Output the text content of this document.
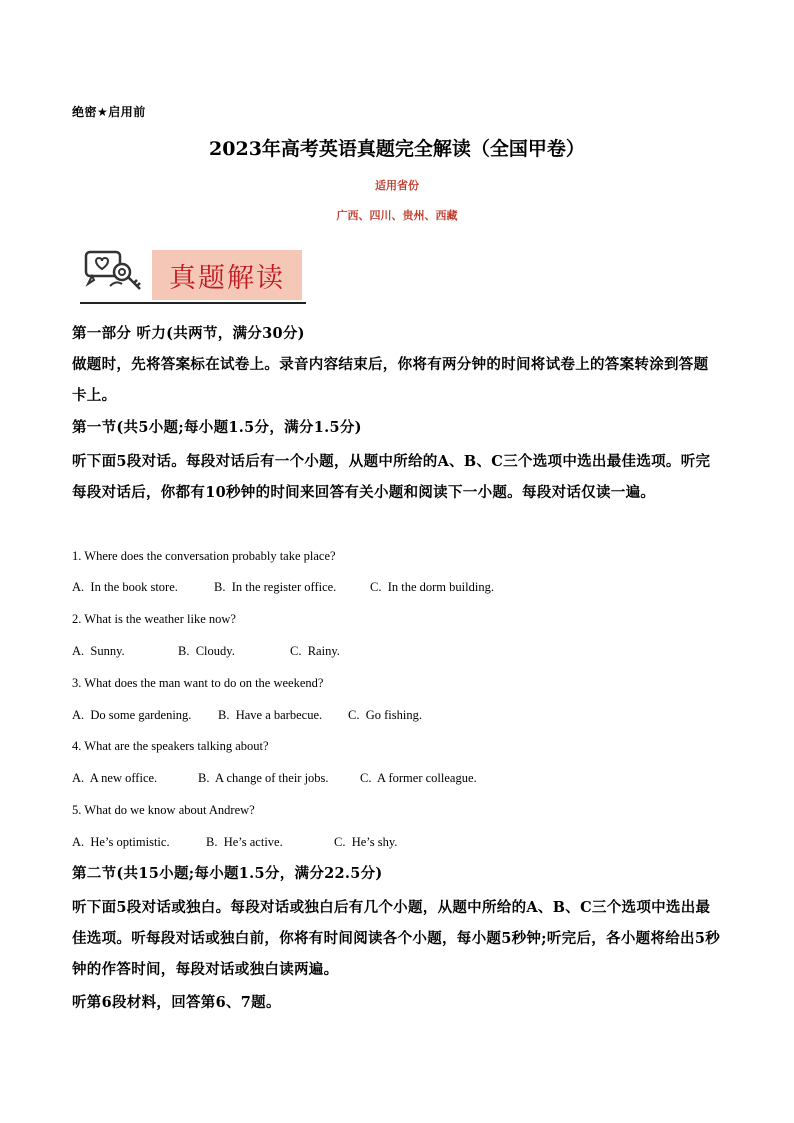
绝密★启用前
2023年高考英语真题完全解读（全国甲卷）
适用省份
广西、四川、贵州、西藏
真题解读
第一部分 听力(共两节，满分30分)
做题时，先将答案标在试卷上。录音内容结束后，你将有两分钟的时间将试卷上的答案转涂到答题卡上。
第一节(共5小题;每小题1.5分，满分1.5分)
听下面5段对话。每段对话后有一个小题，从题中所给的A、B、C三个选项中选出最佳选项。听完每段对话后，你都有10秒钟的时间来回答有关小题和阅读下一小题。每段对话仅读一遍。
1. Where does the conversation probably take place?
A.  In the book store.	B.  In the register office.	C.  In the dorm building.
2. What is the weather like now?
A.  Sunny.	B.  Cloudy.	C.  Rainy.
3. What does the man want to do on the weekend?
A.  Do some gardening. B.  Have a barbecue. C.  Go fishing.
4. What are the speakers talking about?
A.  A new office.	B.  A change of their jobs.	C.  A former colleague.
5. What do we know about Andrew?
A.  He’s optimistic.	B.  He’s active.	C.  He’s shy.
第二节(共15小题;每小题1.5分，满分22.5分)
听下面5段对话或独白。每段对话或独白后有几个小题，从题中所给的A、B、C三个选项中选出最佳选项。听每段对话或独白前，你将有时间阅读各个小题，每小题5秒钟;听完后，各小题将给出5秒钟的作答时间，每段对话或独白读两遍。
听第6段材料，回答第6、7题。
